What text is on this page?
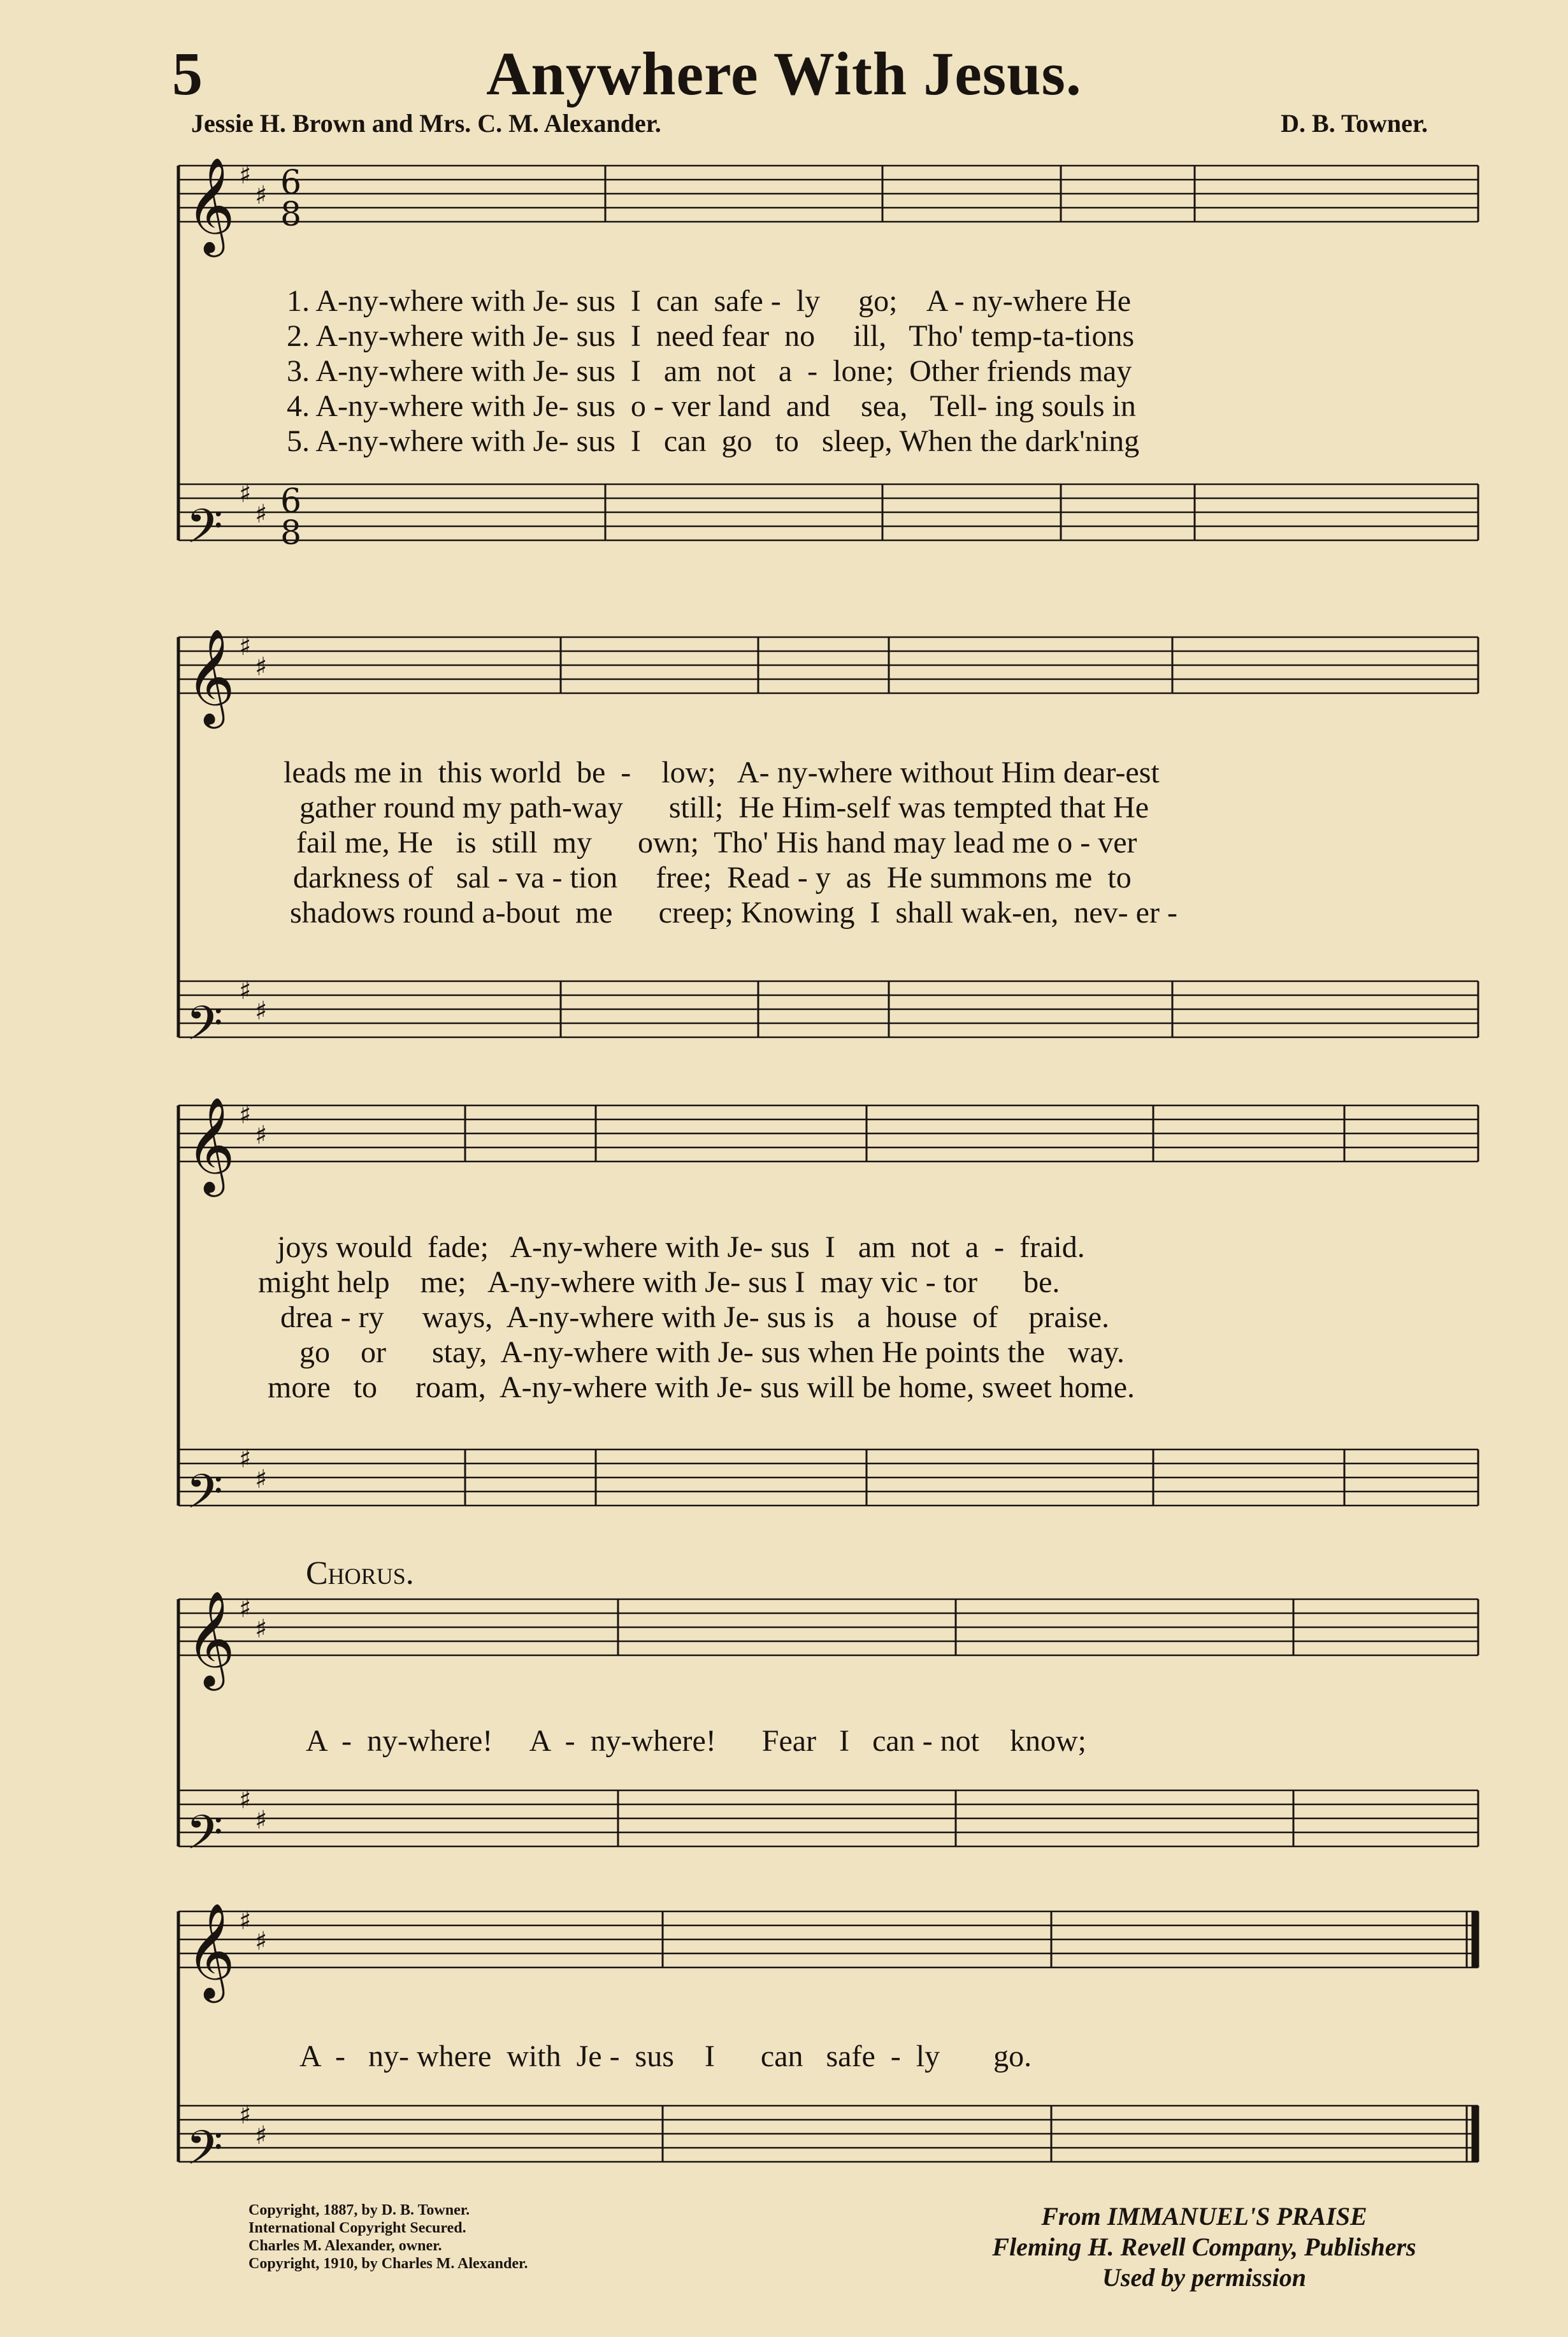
5	Anywhere With Jesus.
Jessie H. Brown and Mrs. C. M. Alexander.	D. B. Towner.
𝄞 ♯
♯ 6
8
𝄢
♯
♯ 6
8
𝄞 ♯
♯
𝄢
♯
♯
𝄞 ♯
♯
𝄢
♯
♯
𝄞 ♯
♯
𝄢
♯
♯
𝄞 ♯
♯
𝄢
♯
♯
1. A-ny-where with Je- sus  I  can  safe -  ly     go;    A - ny-where He
2. A-ny-where with Je- sus  I  need fear  no     ill,   Tho' temp-ta-tions
3. A-ny-where with Je- sus  I   am  not   a  -  lone;  Other friends may
4. A-ny-where with Je- sus  o - ver land  and    sea,   Tell- ing souls in
5. A-ny-where with Je- sus  I   can  go   to   sleep, When the dark'ning
leads me in  this world  be  -    low;   A- ny-where without Him dear-est
gather round my path-way      still;  He Him-self was tempted that He
fail me, He   is  still  my      own;  Tho' His hand may lead me o - ver
darkness of   sal - va - tion     free;  Read - y  as  He summons me  to
shadows round a-bout  me      creep; Knowing  I  shall wak-en,  nev- er -
joys would  fade;   A-ny-where with Je- sus  I   am  not  a  -  fraid.
might help    me;   A-ny-where with Je- sus I  may vic - tor      be.
drea - ry     ways,  A-ny-where with Je- sus is   a  house  of    praise.
go    or      stay,  A-ny-where with Je- sus when He points the   way.
more   to     roam,  A-ny-where with Je- sus will be home, sweet home.
Chorus.
A  -  ny-where!     A  -  ny-where!      Fear   I   can - not    know;
A  -   ny- where  with  Je -  sus    I      can   safe  -  ly       go.
Copyright, 1887, by D. B. Towner.
International Copyright Secured.
Charles M. Alexander, owner.
Copyright, 1910, by Charles M. Alexander.
From IMMANUEL'S PRAISE
Fleming H. Revell Company, Publishers
Used by permission
